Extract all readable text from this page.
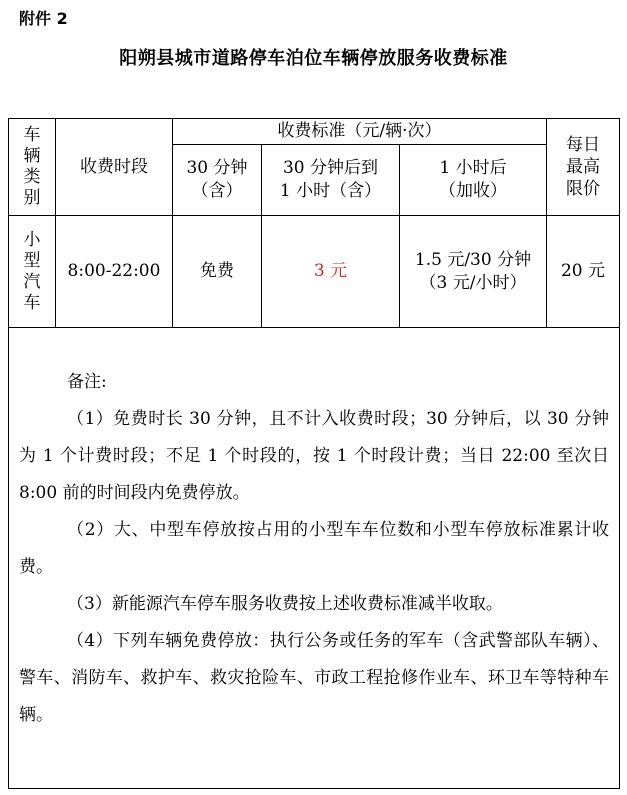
附件 2
阳朔县城市道路停车泊位车辆停放服务收费标准
车
辆
类
别
收费时段
收费标准（元/辆·次）
30 分钟
（含）
30 分钟后到
1 小时（含）
1 小时后
（加收）
每日
最高
限价
小
型
汽
车
8:00-22:00	免费	3 元
1.5 元/30 分钟
（3 元/小时）
20 元

备注:

（1）免费时长 30 分钟，且不计入收费时段；30 分钟后，以 30 分钟为 1 个计费时段；不足 1 个时段的，按 1 个时段计费；当日 22:00 至次日 8:00 前的时间段内免费停放。

（2）大、中型车停放按占用的小型车车位数和小型车停放标准累计收费。

（3）新能源汽车停车服务收费按上述收费标准减半收取。

（4）下列车辆免费停放：执行公务或任务的军车（含武警部队车辆）、警车、消防车、救护车、救灾抢险车、市政工程抢修作业车、环卫车等特种车辆。
